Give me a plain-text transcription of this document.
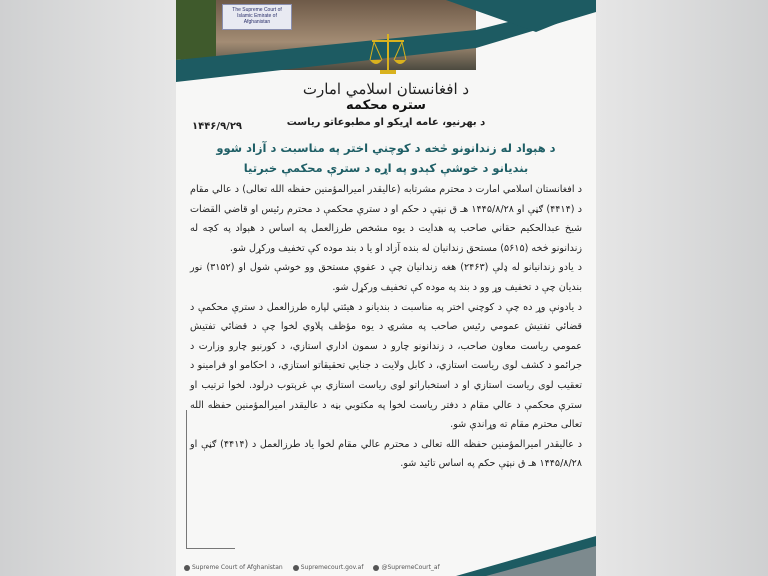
The Supreme Court of Islamic Emirate of Afghanistan
د افغانستان اسلامي امارت
ستره محکمه
د بهرنیو، عامه اړیکو او مطبوعاتو ریاست
۱۴۴۶/۹/۲۹
د هېواد له زندانونو څخه د کوچني اختر په مناسبت د آزاد شوو
بندیانو د خوشې کېدو په اړه د سترې محکمې خبرتیا

د افغانستان اسلامي امارت د محترم مشرتابه (عالیقدر امیرالمؤمنین حفظه الله تعالی) د عالي مقام د (۴۴۱۴) ګڼې او ۱۴۴۵/۸/۲۸ هـ ق نېټې د حکم او د سترې محکمې د محترم رئیس او قاضي القضات شیخ عبدالحکیم حقاني صاحب په هدایت د یوه مشخص طرزالعمل په اساس د هېواد په کچه له زندانونو څخه (۵۶۱۵) مستحق زندانیان له بنده آزاد او یا د بند موده کې تخفیف ورکړل شو.

د یادو زندانیانو له ډلې (۲۴۶۳) هغه زندانیان چې د عفوې مستحق وو خوشې شول او (۳۱۵۲) نور بندیان چې د تخفیف وړ وو د بند په موده کې تخفیف ورکړل شو.

د یادونې وړ ده چې د کوچني اختر په مناسبت د بندیانو د هیئتي لپاره طرزالعمل د سترې محکمې د قضائي تفتیش عمومي رئیس صاحب په مشرۍ د یوه مؤظف پلاوي لخوا چې د قضائي تفتیش عمومي ریاست معاون صاحب، د زندانونو چارو د سمون اداري استازي، د کورنیو چارو وزارت د جرائمو د کشف لوی ریاست استازي، د کابل ولایت د جنایي تحقیقاتو استازي، د احکامو او فرامینو د تعقیب لوی ریاست استازي او د استخباراتو لوی ریاست استازي بې غرېتوب درلود. لخوا ترتیب او سترې محکمې د عالي مقام د دفتر ریاست لخوا په مکتوبي بڼه د عالیقدر امیرالمؤمنین حفظه الله تعالی محترم مقام ته وړاندې شو.

د عالیقدر امیرالمؤمنین حفظه الله تعالی د محترم عالي مقام لخوا یاد طرزالعمل د (۴۴۱۴) ګڼې او ۱۴۴۵/۸/۲۸ هـ ق نېټې حکم په اساس تائید شو.

Supreme Court of Afghanistan	Supremecourt.gov.af	@SupremeCourt_af
